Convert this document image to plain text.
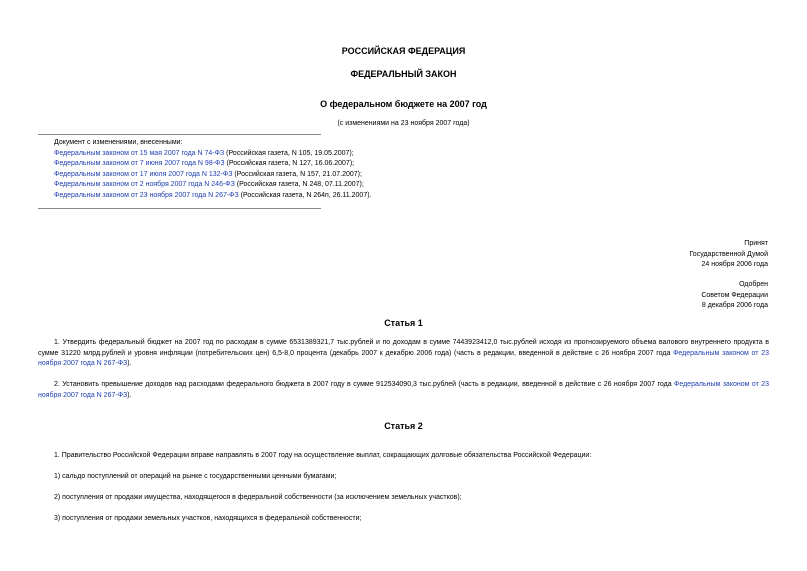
РОССИЙСКАЯ ФЕДЕРАЦИЯ
ФЕДЕРАЛЬНЫЙ ЗАКОН
О федеральном бюджете на 2007 год
(с изменениями на 23 ноября 2007 года)
Документ с изменениями, внесенными:
Федеральным законом от 15 мая 2007 года N 74-ФЗ (Российская газета, N 105, 19.05.2007);
Федеральным законом от 7 июня 2007 года N 98-ФЗ (Российская газета, N 127, 16.06.2007);
Федеральным законом от 17 июля 2007 года N 132-ФЗ (Российская газета, N 157, 21.07.2007);
Федеральным законом от 2 ноября 2007 года N 246-ФЗ (Российская газета, N 248, 07.11.2007);
Федеральным законом от 23 ноября 2007 года N 267-ФЗ (Российская газета, N 264п, 26.11.2007).
Принят
Государственной Думой
24 ноября 2006 года
Одобрен
Советом Федерации
8 декабря 2006 года
Статья 1
1. Утвердить федеральный бюджет на 2007 год по расходам в сумме 6531389321,7 тыс.рублей и по доходам в сумме 7443923412,0 тыс.рублей исходя из прогнозируемого объема валового внутреннего продукта в сумме 31220 млрд.рублей и уровня инфляции (потребительских цен) 6,5-8,0 процента (декабрь 2007 к декабрю 2006 года) (часть в редакции, введенной в действие с 26 ноября 2007 года Федеральным законом от 23 ноября 2007 года N 267-ФЗ).
2. Установить превышение доходов над расходами федерального бюджета в 2007 году в сумме 912534090,3 тыс.рублей (часть в редакции, введенной в действие с 26 ноября 2007 года Федеральным законом от 23 ноября 2007 года N 267-ФЗ).
Статья 2
1. Правительство Российской Федерации вправе направлять в 2007 году на осуществление выплат, сокращающих долговые обязательства Российской Федерации:
1) сальдо поступлений от операций на рынке с государственными ценными бумагами;
2) поступления от продажи имущества, находящегося в федеральной собственности (за исключением земельных участков);
3) поступления от продажи земельных участков, находящихся в федеральной собственности;
